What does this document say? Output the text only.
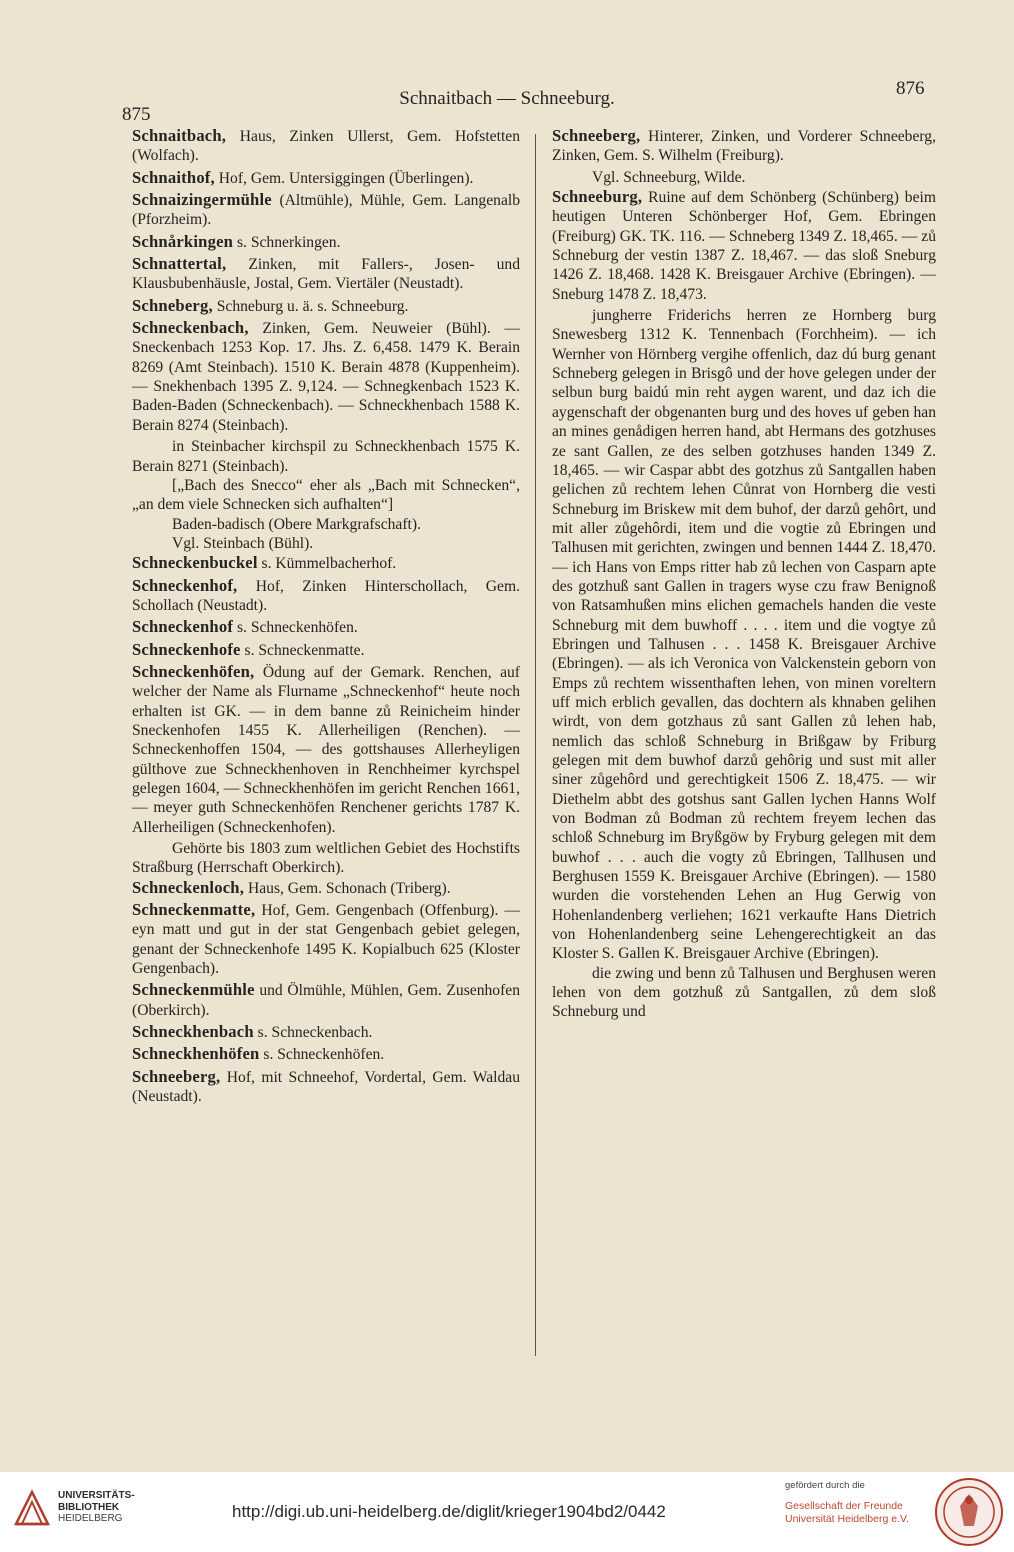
875
876
Schnaitbach — Schneeburg.

Schnaitbach, Haus, Zinken Ullerst, Gem. Hofstetten (Wolfach).

Schnaithof, Hof, Gem. Untersiggingen (Überlingen).

Schnaizingermühle (Altmühle), Mühle, Gem. Langenalb (Pforzheim).

Schnårkingen s. Schnerkingen.

Schnattertal, Zinken, mit Fallers-, Josen- und Klausbubenhäusle, Jostal, Gem. Viertäler (Neustadt).

Schneberg, Schneburg u. ä. s. Schneeburg.

Schneckenbach, Zinken, Gem. Neuweier (Bühl). — Sneckenbach 1253 Kop. 17. Jhs. Z. 6,458. 1479 K. Berain 8269 (Amt Steinbach). 1510 K. Berain 4878 (Kuppenheim). — Snekhenbach 1395 Z. 9,124. — Schnegkenbach 1523 K. Baden-Baden (Schneckenbach). — Schneckhenbach 1588 K. Berain 8274 (Steinbach).

in Steinbacher kirchspil zu Schneckhenbach 1575 K. Berain 8271 (Steinbach).

[„Bach des Snecco“ eher als „Bach mit Schnecken“, „an dem viele Schnecken sich aufhalten“]

Baden-badisch (Obere Markgrafschaft).

Vgl. Steinbach (Bühl).

Schneckenbuckel s. Kümmelbacherhof.

Schneckenhof, Hof, Zinken Hinterschollach, Gem. Schollach (Neustadt).

Schneckenhof s. Schneckenhöfen.

Schneckenhofe s. Schneckenmatte.

Schneckenhöfen, Ödung auf der Gemark. Renchen, auf welcher der Name als Flurname „Schneckenhof“ heute noch erhalten ist GK. — in dem banne zů Reinicheim hinder Sneckenhofen 1455 K. Allerheiligen (Renchen). — Schneckenhoffen 1504, — des gottshauses Allerheyligen gülthove zue Schneckhenhoven in Renchheimer kyrchspel gelegen 1604, — Schneckhenhöfen im gericht Renchen 1661, — meyer guth Schneckenhöfen Renchener gerichts 1787 K. Allerheiligen (Schneckenhofen).

Gehörte bis 1803 zum weltlichen Gebiet des Hochstifts Straßburg (Herrschaft Oberkirch).

Schneckenloch, Haus, Gem. Schonach (Triberg).

Schneckenmatte, Hof, Gem. Gengenbach (Offenburg). — eyn matt und gut in der stat Gengenbach gebiet gelegen, genant der Schneckenhofe 1495 K. Kopialbuch 625 (Kloster Gengenbach).

Schneckenmühle und Ölmühle, Mühlen, Gem. Zusenhofen (Oberkirch).

Schneckhenbach s. Schneckenbach.

Schneckhenhöfen s. Schneckenhöfen.

Schneeberg, Hof, mit Schneehof, Vordertal, Gem. Waldau (Neustadt).

Schneeberg, Hinterer, Zinken, und Vorderer Schneeberg, Zinken, Gem. S. Wilhelm (Freiburg).

Vgl. Schneeburg, Wilde.

Schneeburg, Ruine auf dem Schönberg (Schünberg) beim heutigen Unteren Schönberger Hof, Gem. Ebringen (Freiburg) GK. TK. 116. — Schneberg 1349 Z. 18,465. — zů Schneburg der vestin 1387 Z. 18,467. — das sloß Sneburg 1426 Z. 18,468. 1428 K. Breisgauer Archive (Ebringen). — Sneburg 1478 Z. 18,473.

jungherre Friderichs herren ze Hornberg burg Snewesberg 1312 K. Tennenbach (Forchheim). — ich Wernher von Hörnberg vergihe offenlich, daz dú burg genant Schneberg gelegen in Brisgô und der hove gelegen under der selbun burg baidú min reht aygen warent, und daz ich die aygenschaft der obgenanten burg und des hoves uf geben han an mines genådigen herren hand, abt Hermans des gotzhuses ze sant Gallen, ze des selben gotzhuses handen 1349 Z. 18,465. — wir Caspar abbt des gotzhus zů Santgallen haben gelichen zů rechtem lehen Cůnrat von Hornberg die vesti Schneburg im Briskew mit dem buhof, der darzů gehôrt, und mit aller zůgehôrdi, item und die vogtie zů Ebringen und Talhusen mit gerichten, zwingen und bennen 1444 Z. 18,470. — ich Hans von Emps ritter hab zů lechen von Casparn apte des gotzhuß sant Gallen in tragers wyse czu fraw Benignoß von Ratsamhußen mins elichen gemachels handen die veste Schneburg mit dem buwhoff . . . . item und die vogtye zů Ebringen und Talhusen . . . 1458 K. Breisgauer Archive (Ebringen). — als ich Veronica von Valckenstein geborn von Emps zů rechtem wissenthaften lehen, von minen voreltern uff mich erblich gevallen, das dochtern als khnaben gelihen wirdt, von dem gotzhaus zů sant Gallen zů lehen hab, nemlich das schloß Schneburg in Brißgaw by Friburg gelegen mit dem buwhof darzů gehôrig und sust mit aller siner zůgehôrd und gerechtigkeit 1506 Z. 18,475. — wir Diethelm abbt des gotshus sant Gallen lychen Hanns Wolf von Bodman zů Bodman zů rechtem freyem lechen das schloß Schneburg im Bryßgöw by Fryburg gelegen mit dem buwhof . . . auch die vogty zů Ebringen, Tallhusen und Berghusen 1559 K. Breisgauer Archive (Ebringen). — 1580 wurden die vorstehenden Lehen an Hug Gerwig von Hohenlandenberg verliehen; 1621 verkaufte Hans Dietrich von Hohenlandenberg seine Lehengerechtigkeit an das Kloster S. Gallen K. Breisgauer Archive (Ebringen).

die zwing und benn zů Talhusen und Berghusen weren lehen von dem gotzhuß zů Santgallen, zů dem sloß Schneburg und

UNIVERSITÄTS-
BIBLIOTHEK
HEIDELBERG	http://digi.ub.uni-heidelberg.de/diglit/krieger1904bd2/0442
gefördert durch die
Gesellschaft der Freunde
Universität Heidelberg e.V.
